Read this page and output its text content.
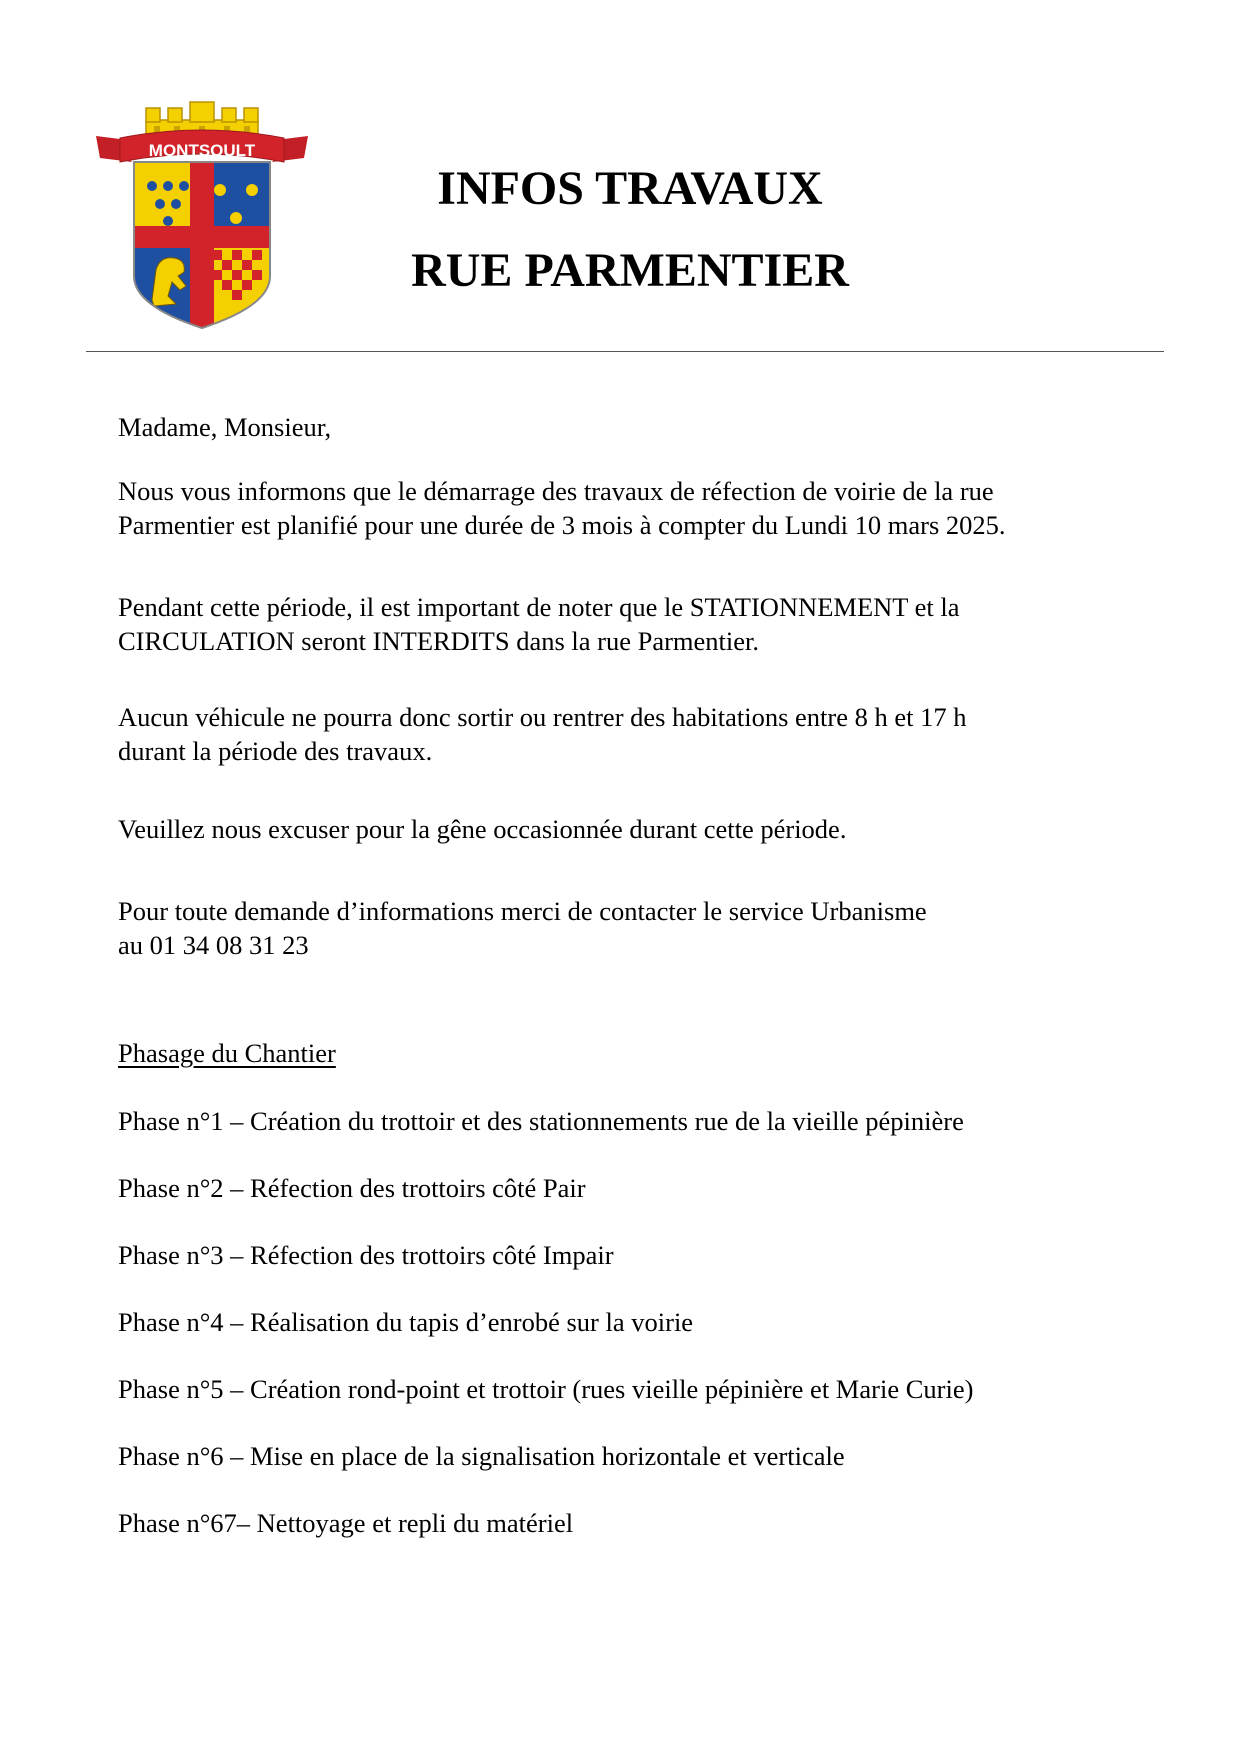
MONTSOULT
INFOS TRAVAUX
RUE PARMENTIER

Madame, Monsieur,

Nous vous informons que le démarrage des travaux de réfection de voirie de la rue

Parmentier est planifié pour une durée de 3 mois à compter du Lundi 10 mars 2025.

Pendant cette période, il est important de noter que le STATIONNEMENT et la

CIRCULATION seront INTERDITS dans la rue Parmentier.

Aucun véhicule ne pourra donc sortir ou rentrer des habitations entre 8 h et 17 h

durant la période des travaux.

Veuillez nous excuser pour la gêne occasionnée durant cette période.

Pour toute demande d’informations merci de contacter le service Urbanisme

au 01 34 08 31 23

Phasage du Chantier

Phase n°1 – Création du trottoir et des stationnements rue de la vieille pépinière

Phase n°2 – Réfection des trottoirs côté Pair

Phase n°3 – Réfection des trottoirs côté Impair

Phase n°4 – Réalisation du tapis d’enrobé sur la voirie

Phase n°5 – Création rond-point et trottoir (rues vieille pépinière et Marie Curie)

Phase n°6 – Mise en place de la signalisation horizontale et verticale

Phase n°67– Nettoyage et repli du matériel
